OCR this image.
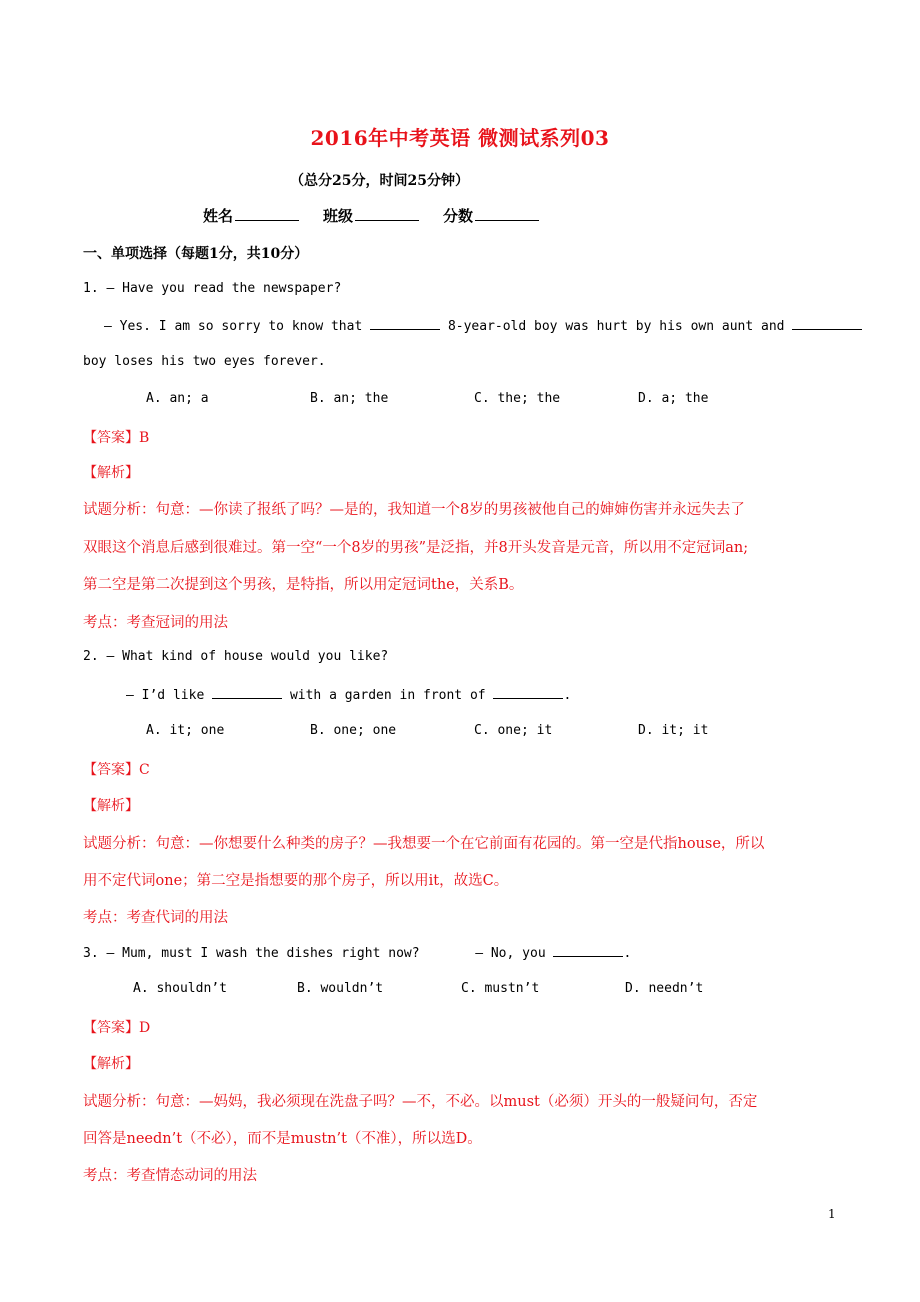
2016年中考英语 微测试系列03
（总分25分，时间25分钟）
姓名	班级	分数
一、单项选择（每题1分，共10分）
1. — Have you read the newspaper?
— Yes. I am so sorry to know that	8-year-old boy was hurt by his own aunt and
boy loses his two eyes forever.
A. an; a	B. an; the	C. the; the	D. a; the
【答案】B
【解析】
试题分析：句意：—你读了报纸了吗？—是的，我知道一个8岁的男孩被他自己的婶婶伤害并永远失去了
双眼这个消息后感到很难过。第一空“一个8岁的男孩”是泛指，并8开头发音是元音，所以用不定冠词an;
第二空是第二次提到这个男孩，是特指，所以用定冠词the，关系B。
考点：考查冠词的用法
2. — What kind of house would you like?
— I’d like	with a garden in front of	.
A. it; one	B. one; one	C. one; it	D. it; it
【答案】C
【解析】
试题分析：句意：—你想要什么种类的房子？—我想要一个在它前面有花园的。第一空是代指house，所以
用不定代词one；第二空是指想要的那个房子，所以用it，故选C。
考点：考查代词的用法
3. — Mum, must I wash the dishes right now?	— No, you	.
A. shouldn’t	B. wouldn’t	C. mustn’t	D. needn’t
【答案】D
【解析】
试题分析：句意：—妈妈，我必须现在洗盘子吗？—不，不必。以must（必须）开头的一般疑问句，否定
回答是needn’t（不必），而不是mustn’t（不准），所以选D。
考点：考查情态动词的用法
1
